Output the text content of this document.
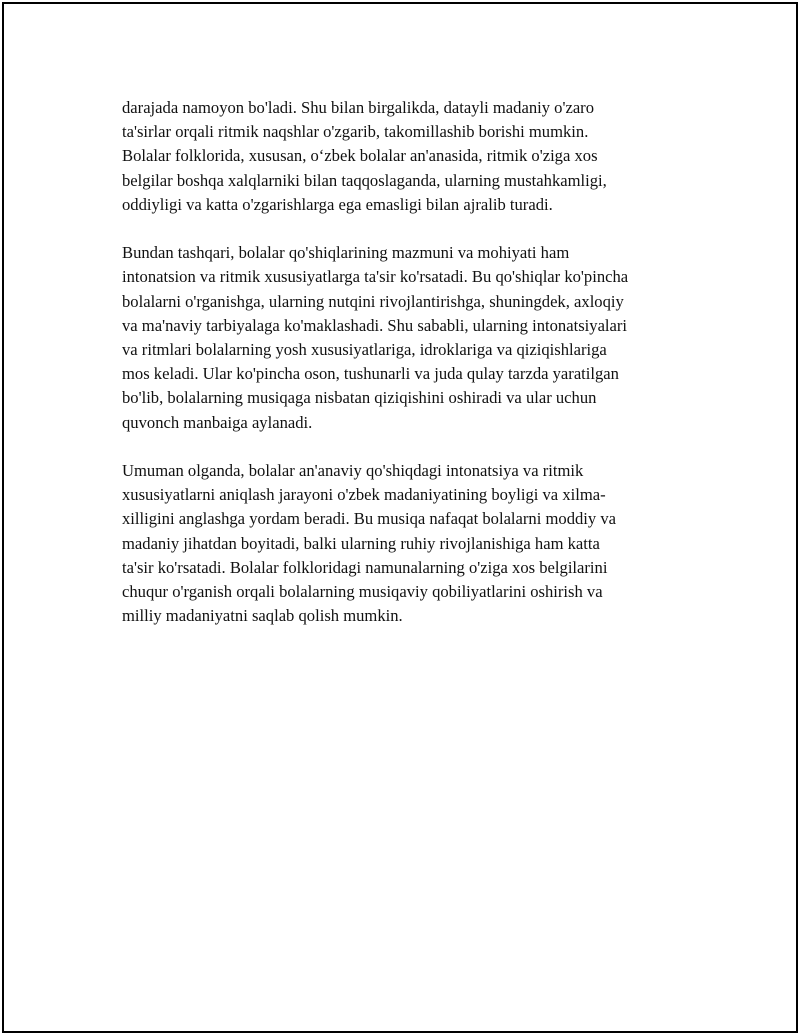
darajada namoyon bo'ladi. Shu bilan birgalikda, datayli madaniy o'zaro
ta'sirlar orqali ritmik naqshlar o'zgarib, takomillashib borishi mumkin.
Bolalar folklorida, xususan, o‘zbek bolalar an'anasida, ritmik o'ziga xos
belgilar boshqa xalqlarniki bilan taqqoslaganda, ularning mustahkamligi,
oddiyligi va katta o'zgarishlarga ega emasligi bilan ajralib turadi.

Bundan tashqari, bolalar qo'shiqlarining mazmuni va mohiyati ham
intonatsion va ritmik xususiyatlarga ta'sir ko'rsatadi. Bu qo'shiqlar ko'pincha
bolalarni o'rganishga, ularning nutqini rivojlantirishga, shuningdek, axloqiy
va ma'naviy tarbiyalaga ko'maklashadi. Shu sababli, ularning intonatsiyalari
va ritmlari bolalarning yosh xususiyatlariga, idroklariga va qiziqishlariga
mos keladi. Ular ko'pincha oson, tushunarli va juda qulay tarzda yaratilgan
bo'lib, bolalarning musiqaga nisbatan qiziqishini oshiradi va ular uchun
quvonch manbaiga aylanadi.

Umuman olganda, bolalar an'anaviy qo'shiqdagi intonatsiya va ritmik
xususiyatlarni aniqlash jarayoni o'zbek madaniyatining boyligi va xilma-
xilligini anglashga yordam beradi. Bu musiqa nafaqat bolalarni moddiy va
madaniy jihatdan boyitadi, balki ularning ruhiy rivojlanishiga ham katta
ta'sir ko'rsatadi. Bolalar folkloridagi namunalarning o'ziga xos belgilarini
chuqur o'rganish orqali bolalarning musiqaviy qobiliyatlarini oshirish va
milliy madaniyatni saqlab qolish mumkin.
